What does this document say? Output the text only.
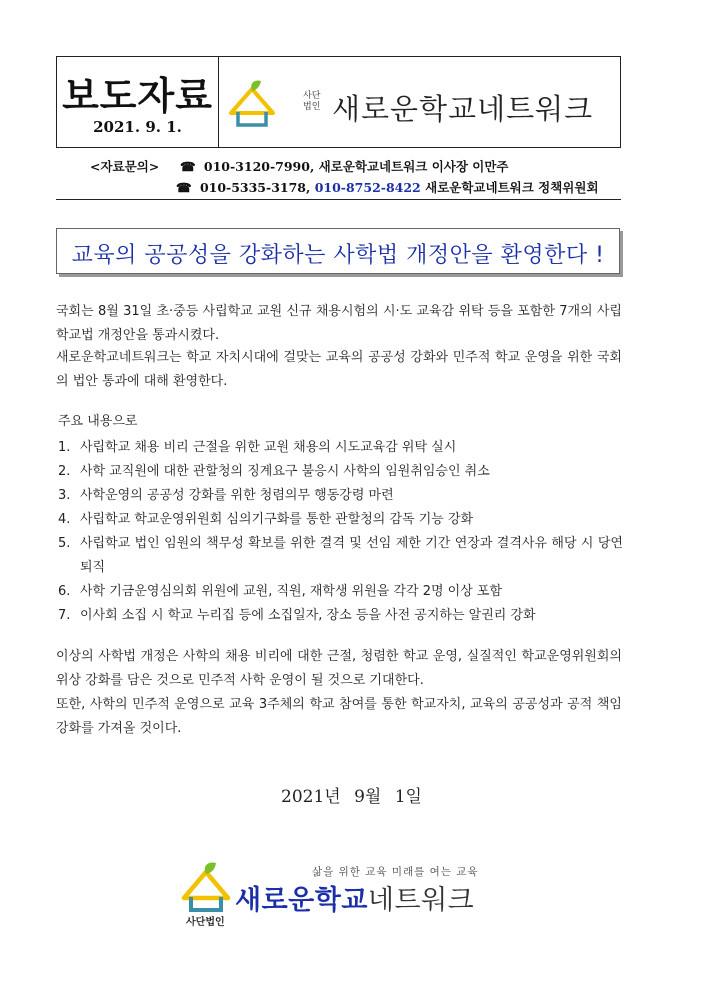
보도자료
2021. 9. 1.
사단
법인 새로운학교네트워크
<자료문의> ☎ 010-3120-7990, 새로운학교네트워크 이사장 이만주
☎ 010-5335-3178, 010-8752-8422 새로운학교네트워크 정책위원회
교육의 공공성을 강화하는 사학법 개정안을 환영한다 !
국회는 8월 31일 초·중등 사립학교 교원 신규 채용시험의 시·도 교육감 위탁 등을 포함한 7개의 사립학교법 개정안을 통과시켰다.
새로운학교네트워크는 학교 자치시대에 걸맞는 교육의 공공성 강화와 민주적 학교 운영을 위한 국회의 법안 통과에 대해 환영한다.
주요 내용으로
1. 사립학교 채용 비리 근절을 위한 교원 채용의 시도교육감 위탁 실시
2. 사학 교직원에 대한 관할청의 징계요구 불응시 사학의 임원취임승인 취소
3. 사학운영의 공공성 강화를 위한 청렴의무 행동강령 마련
4. 사립학교 학교운영위원회 심의기구화를 통한 관할청의 감독 기능 강화
5. 사립학교 법인 임원의 책무성 확보를 위한 결격 및 선임 제한 기간 연장과 결격사유 해당 시 당연 퇴직
6. 사학 기금운영심의회 위원에 교원, 직원, 재학생 위원을 각각 2명 이상 포함
7. 이사회 소집 시 학교 누리집 등에 소집일자, 장소 등을 사전 공지하는 알권리 강화
이상의 사학법 개정은 사학의 채용 비리에 대한 근절, 청렴한 학교 운영, 실질적인 학교운영위원회의 위상 강화를 담은 것으로 민주적 사학 운영이 될 것으로 기대한다.
또한, 사학의 민주적 운영으로 교육 3주체의 학교 참여를 통한 학교자치, 교육의 공공성과 공적 책임 강화를 가져올 것이다.
2021년 9월 1일
사단법인
삶을 위한 교육 미래를 여는 교육
새로운학교네트워크
